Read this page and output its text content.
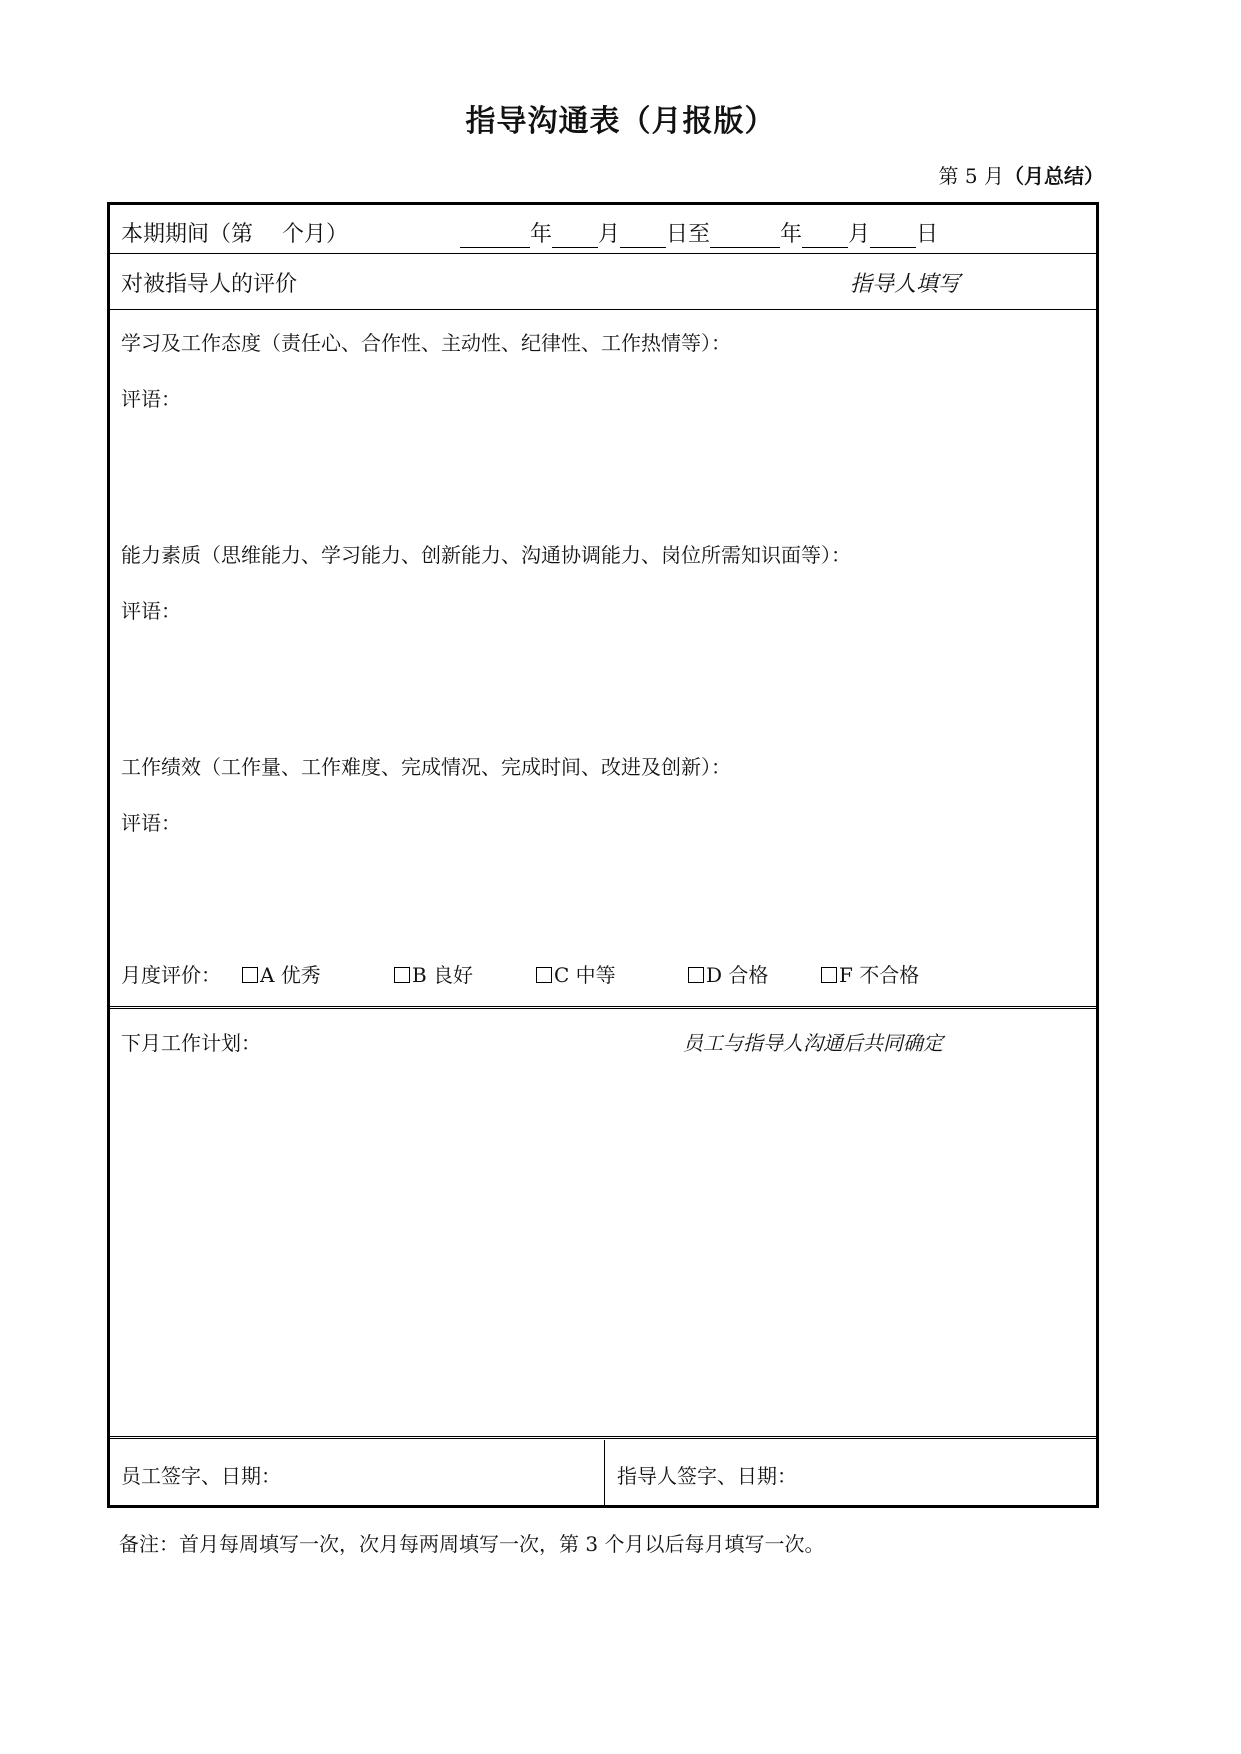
指导沟通表（月报版）
第 5 月（月总结）
本期期间（第　 个月）	年 月 日至	年 月 日
对被指导人的评价	指导人填写
学习及工作态度（责任心、合作性、主动性、纪律性、工作热情等）：
评语：
能力素质（思维能力、学习能力、创新能力、沟通协调能力、岗位所需知识面等）：
评语：
工作绩效（工作量、工作难度、完成情况、完成时间、改进及创新）：
评语：
月度评价：	A 优秀	B 良好	C 中等	D 合格	F 不合格
下月工作计划：	员工与指导人沟通后共同确定
员工签字、日期：	指导人签字、日期：
备注：首月每周填写一次，次月每两周填写一次，第 3 个月以后每月填写一次。
